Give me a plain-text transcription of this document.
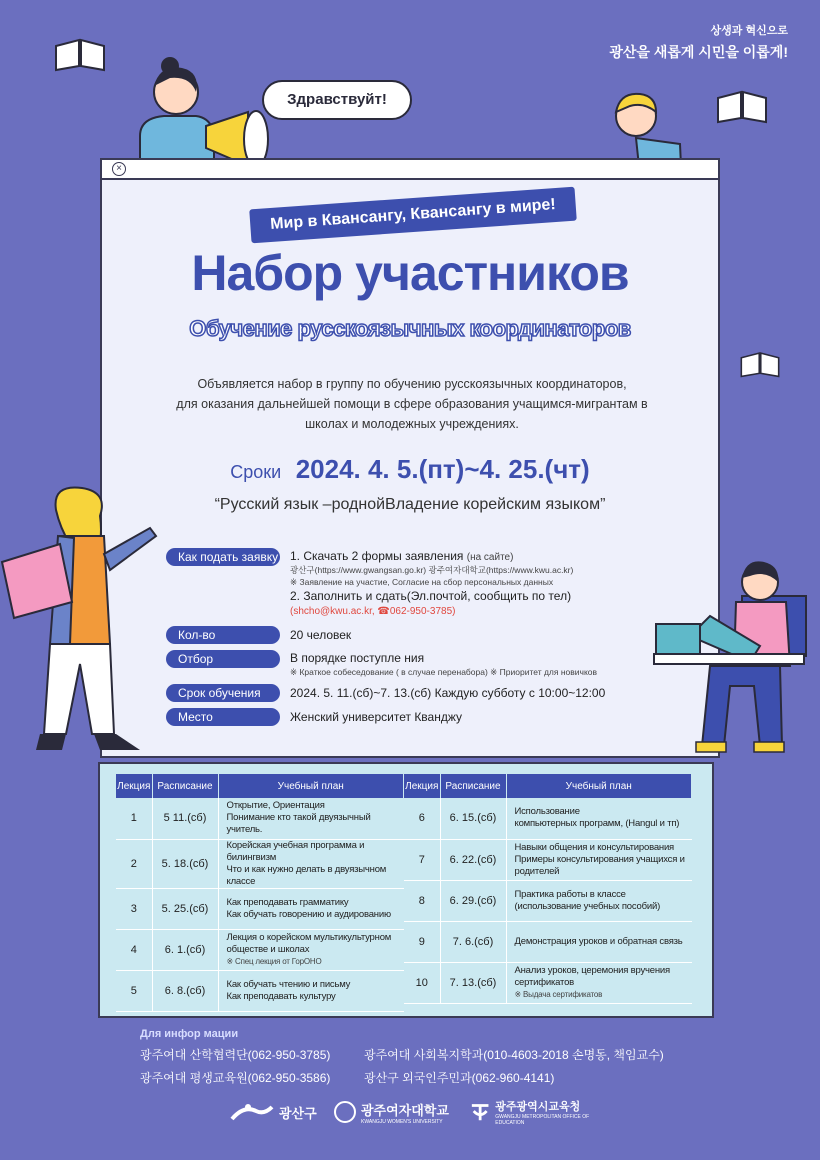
상생과 혁신으로
광산을 새롭게 시민을 이롭게!
Здравствуйт!
×
Мир в Квансангу, Квансангу в мире!
Набор участников
Обучение русскоязычных координаторов
Объявляется набор в группу по обучению русскоязычных координаторов,
для оказания дальнейшей помощи в сфере образования учащимся-мигрантам в
школах и молодежных учреждениях.
Сроки 2024. 4. 5.(пт)~4. 25.(чт)
“Русский язык –роднойВладение корейским языком”
Как подать заявку 1. Скачать 2 формы заявления (на сайте)
광산구(https://www.gwangsan.go.kr) 광주여자대학교(https://www.kwu.ac.kr)
※ Заявление на участие, Согласие на сбор персональных данных
2. Заполнить и сдать(Эл.почтой, сообщить по тел)
(shcho@kwu.ac.kr, ☎062-950-3785)
Кол-во	20 человек
Отбор	В порядке поступле ния
※ Краткое собеседование ( в случае перенабора) ※ Приоритет для новичков
Срок обучения	2024. 5. 11.(сб)~7. 13.(сб) Каждую субботу с 10:00~12:00
Место	Женский университет Кванджу
Лекция	Расписание	Учебный план
1	5 11.(сб)	Открытие, Ориентация
Понимание кто такой двуязычный учитель.

2	5. 18.(сб)	Корейская учебная программа и билингвизм
Что и как нужно делать в двуязычном классе

3	5. 25.(сб)	Как преподавать грамматику
Как обучать говорению и аудированию

4	6. 1.(сб)	Лекция о корейском мультикультурном
обществе и школах
※ Спец лекция от ГорОНО

5	6. 8.(сб)	Как обучать чтению и письму
Как преподавать культуру
Лекция	Расписание	Учебный план
6	6. 15.(сб)	Использование
компьютерных программ, (Hangul и тп)

7	6. 22.(сб)	Навыки общения и консультирования
Примеры консультирования учащихся и родителей

8	6. 29.(сб)	Практика работы в классе
(использование учебных пособий)

9	7. 6.(сб)	Демонстрация уроков и обратная связь

10	7. 13.(сб)	Анализ уроков, церемония вручения
сертификатов
※ Выдача сертификатов
Для инфор мации
광주여대 산학협력단(062-950-3785)	광주여대 사회복지학과(010-4603-2018 손명동, 책임교수)
광주여대 평생교육원(062-950-3586)	광산구 외국인주민과(062-960-4141)
광산구	광주여자대학교
KWANGJU WOMEN'S UNIVERSITY
광주광역시교육청
GWANGJU METROPOLITAN OFFICE OF EDUCATION
